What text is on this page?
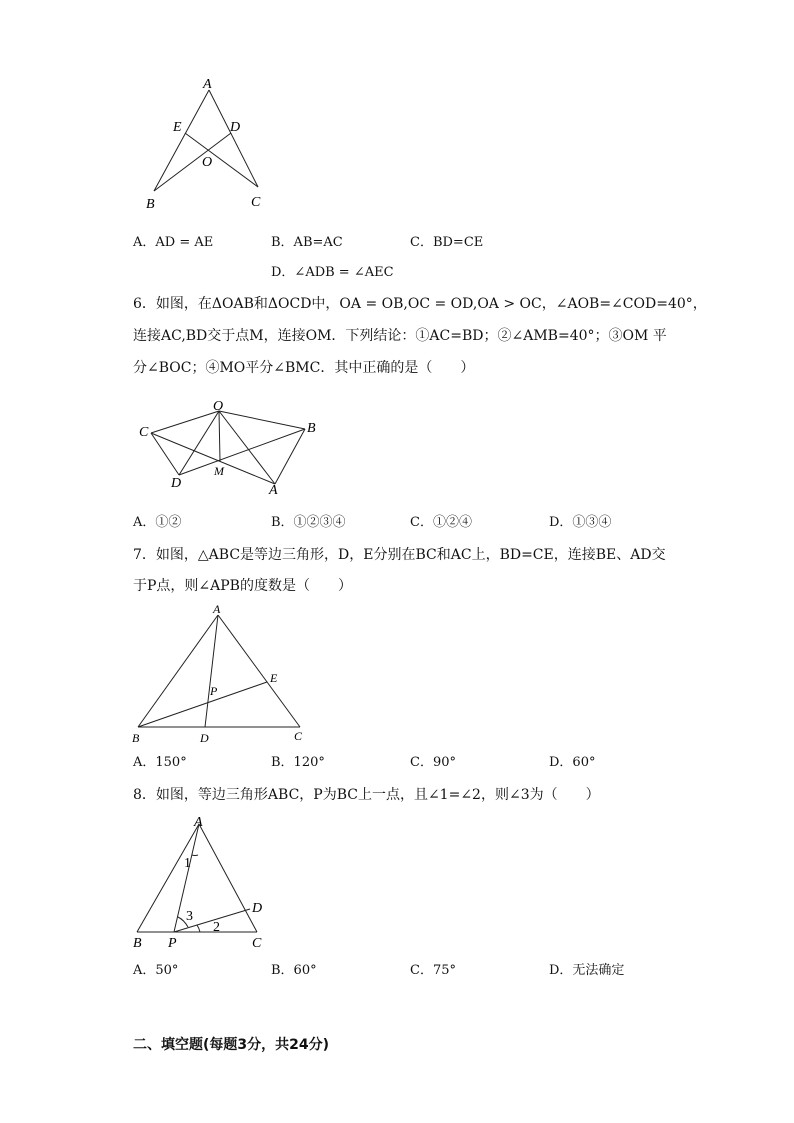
A
E	D
O
B	C
A．AD = AE	B．AB=AC	C．BD=CE
D．∠ADB = ∠AEC
6．如图，在ΔOAB和ΔOCD中，OA = OB,OC = OD,OA > OC，∠AOB=∠COD=40°，
连接AC,BD交于点M，连接OM．下列结论：①AC=BD；②∠AMB=40°；③OM 平
分∠BOC；④MO平分∠BMC．其中正确的是（　　）
O
C	B
D
M
A
A．①②	B．①②③④	C．①②④	D．①③④
7．如图，△ABC是等边三角形，D，E分别在BC和AC上，BD=CE，连接BE、AD交
于P点，则∠APB的度数是（　　）
A
E
P
B	D	C
A．150°	B．120°	C．90°	D．60°
8．如图，等边三角形ABC，P为BC上一点，且∠1=∠2，则∠3为（　　）
A
1
3
2
D
B P	C
A．50°	B．60°	C．75°	D．无法确定
二、填空题(每题3分，共24分)
